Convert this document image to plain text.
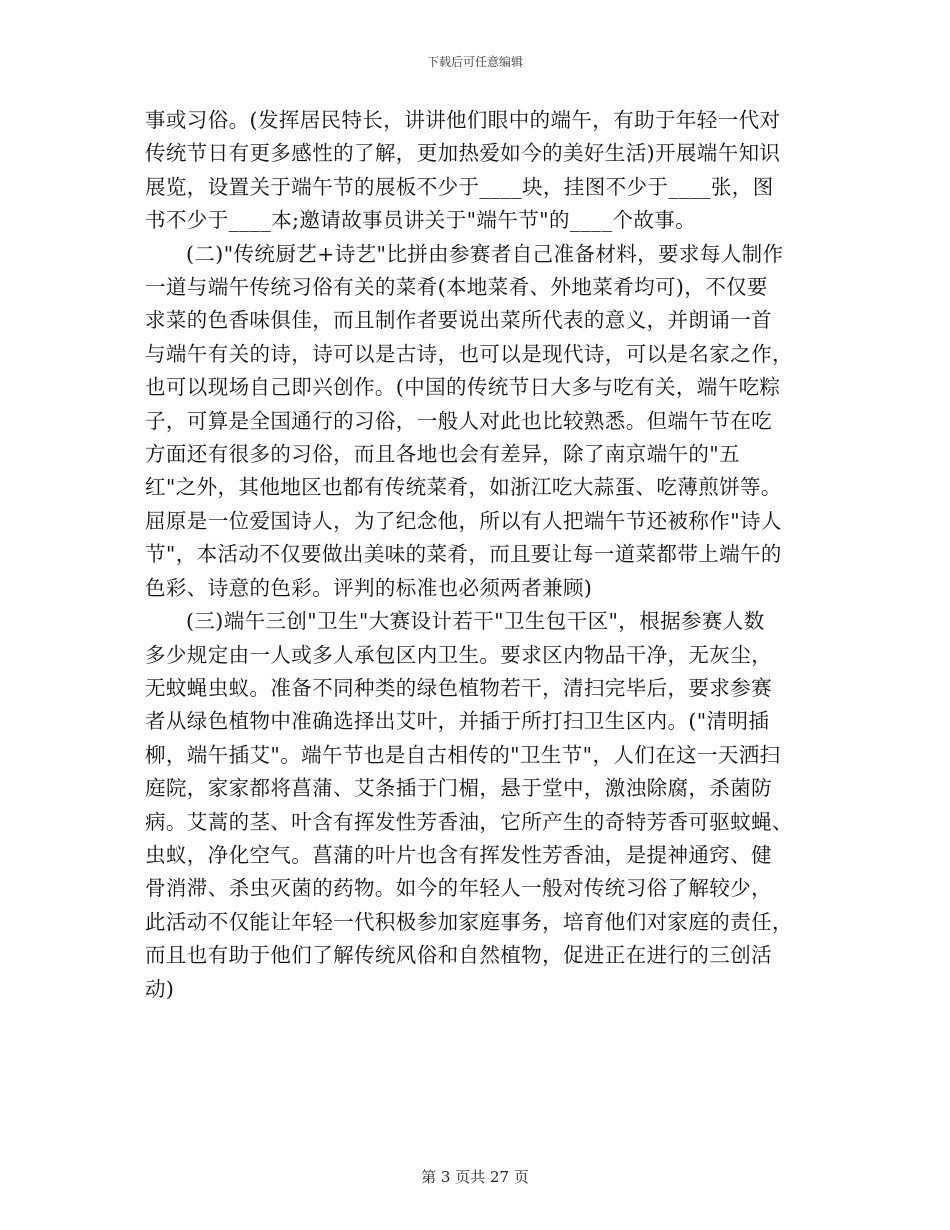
下载后可任意编辑
事或习俗。(发挥居民特长，讲讲他们眼中的端午，有助于年轻一代对
传统节日有更多感性的了解，更加热爱如今的美好生活)开展端午知识
展览，设置关于端午节的展板不少于____块，挂图不少于____张，图
书不少于____本;邀请故事员讲关于"端午节"的____个故事。
(二)"传统厨艺+诗艺"比拼由参赛者自己准备材料，要求每人制作
一道与端午传统习俗有关的菜肴(本地菜肴、外地菜肴均可)，不仅要
求菜的色香味俱佳，而且制作者要说出菜所代表的意义，并朗诵一首
与端午有关的诗，诗可以是古诗，也可以是现代诗，可以是名家之作，
也可以现场自己即兴创作。(中国的传统节日大多与吃有关，端午吃粽
子，可算是全国通行的习俗，一般人对此也比较熟悉。但端午节在吃
方面还有很多的习俗，而且各地也会有差异，除了南京端午的"五
红"之外，其他地区也都有传统菜肴，如浙江吃大蒜蛋、吃薄煎饼等。
屈原是一位爱国诗人，为了纪念他，所以有人把端午节还被称作"诗人
节"，本活动不仅要做出美味的菜肴，而且要让每一道菜都带上端午的
色彩、诗意的色彩。评判的标准也必须两者兼顾)
(三)端午三创"卫生"大赛设计若干"卫生包干区"，根据参赛人数
多少规定由一人或多人承包区内卫生。要求区内物品干净，无灰尘，
无蚊蝇虫蚁。准备不同种类的绿色植物若干，清扫完毕后，要求参赛
者从绿色植物中准确选择出艾叶，并插于所打扫卫生区内。("清明插
柳，端午插艾"。端午节也是自古相传的"卫生节"，人们在这一天洒扫
庭院，家家都将菖蒲、艾条插于门楣，悬于堂中，激浊除腐，杀菌防
病。艾蒿的茎、叶含有挥发性芳香油，它所产生的奇特芳香可驱蚊蝇、
虫蚁，净化空气。菖蒲的叶片也含有挥发性芳香油，是提神通窍、健
骨消滞、杀虫灭菌的药物。如今的年轻人一般对传统习俗了解较少，
此活动不仅能让年轻一代积极参加家庭事务，培育他们对家庭的责任，
而且也有助于他们了解传统风俗和自然植物，促进正在进行的三创活
动)
第 3 页共 27 页
